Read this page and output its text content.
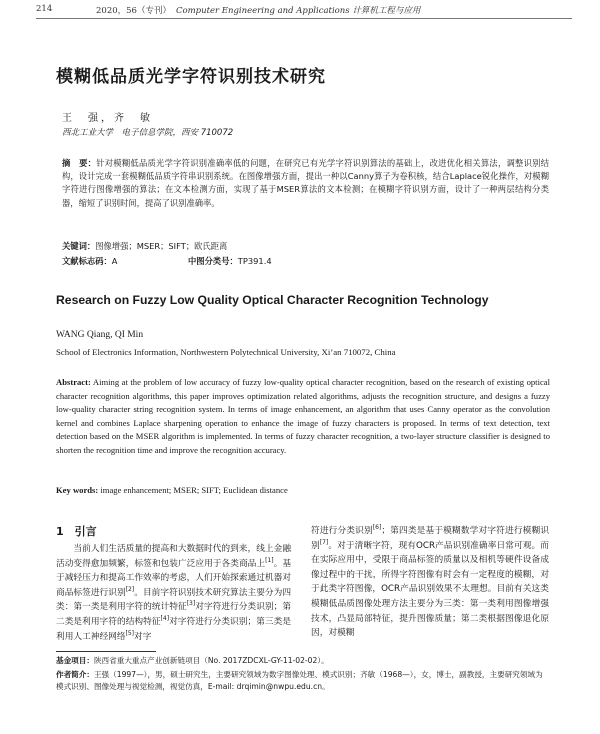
214	2020，56（专刊） Computer Engineering and Applications 计算机工程与应用
模糊低品质光学字符识别技术研究
王　强，齐　敏
西北工业大学　电子信息学院，西安 710072
摘　要：针对模糊低品质光学字符识别准确率低的问题，在研究已有光学字符识别算法的基础上，改进优化相关算法，调整识别结构，设计完成一套模糊低品质字符串识别系统。在图像增强方面，提出一种以Canny算子为卷积核，结合Laplace锐化操作，对模糊字符进行图像增强的算法；在文本检测方面，实现了基于MSER算法的文本检测；在模糊字符识别方面，设计了一种两层结构分类器，缩短了识别时间，提高了识别准确率。
关键词：图像增强；MSER；SIFT；欧氏距离
文献标志码：A	中图分类号：TP391.4
Research on Fuzzy Low Quality Optical Character Recognition Technology
WANG Qiang, QI Min
School of Electronics Information, Northwestern Polytechnical University, Xi’an 710072, China
Abstract: Aiming at the problem of low accuracy of fuzzy low-quality optical character recognition, based on the research of existing optical character recognition algorithms, this paper improves optimization related algorithms, adjusts the recognition structure, and designs a fuzzy low-quality character string recognition system. In terms of image enhancement, an algorithm that uses Canny operator as the convolution kernel and combines Laplace sharpening operation to enhance the image of fuzzy characters is proposed. In terms of text detection, text detection based on the MSER algorithm is implemented. In terms of fuzzy character recognition, a two-layer structure classifier is designed to shorten the recognition time and improve the recognition accuracy.
Key words: image enhancement; MSER; SIFT; Euclidean distance
1　引言

　　当前人们生活质量的提高和大数据时代的到来，线上金融活动变得愈加频繁，标签和包装广泛应用于各类商品上[1]。基于减轻压力和提高工作效率的考虑，人们开始探索通过机器对商品标签进行识别[2]。目前字符识别技术研究算法主要分为四类：第一类是利用字符的统计特征[3]对字符进行分类识别；第二类是利用字符的结构特征[4]对字符进行分类识别；第三类是利用人工神经网络[5]对字

符进行分类识别[6]；第四类是基于模糊数学对字符进行模糊识别[7]。对于清晰字符，现有OCR产品识别准确率日常可观。而在实际应用中，受限于商品标签的质量以及相机等硬件设备成像过程中的干扰，所得字符图像有时会有一定程度的模糊，对于此类字符图像，OCR产品识别效果不太理想。目前有关这类模糊低品质图像处理方法主要分为三类：第一类利用图像增强技术，凸显局部特征，提升图像质量；第二类根据图像退化原因，对模糊

基金项目：陕西省重大重点产业创新链项目（No. 2017ZDCXL-GY-11-02-02）。
作者简介：王强（1997—），男，硕士研究生，主要研究领域为数字图像处理、模式识别；齐敏（1968—），女，博士，副教授，主要研究领域为模式识别、图像处理与视觉检测，视觉仿真，E-mail: drqimin@nwpu.edu.cn。
